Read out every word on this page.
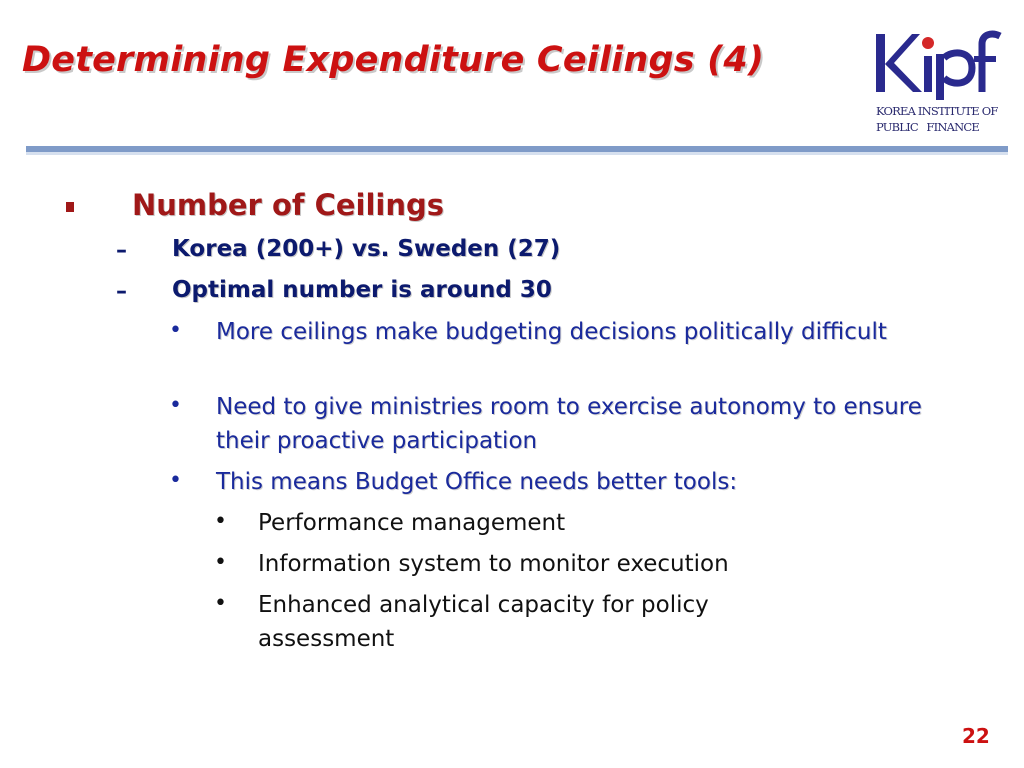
Determining Expenditure Ceilings (4)
KOREA INSTITUTE OF
PUBLIC   FINANCE
Number of Ceilings
– Korea (200+) vs. Sweden (27)
– Optimal number is around 30
• More ceilings make budgeting decisions politically difficult
• Need to give ministries room to exercise autonomy to ensure their proactive participation
• This means Budget Office needs better tools:
• Performance management
• Information system to monitor execution
• Enhanced analytical capacity for policy assessment
22
